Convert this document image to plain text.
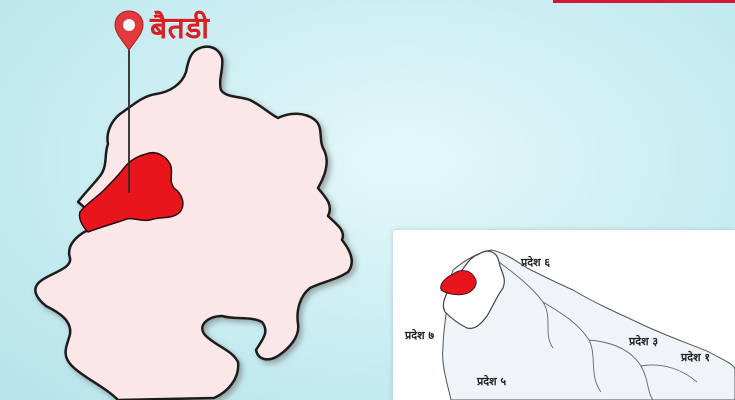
बैतडी
प्रदेश ६
प्रदेश ७	प्रदेश ३
प्रदेश १
प्रदेश ५
